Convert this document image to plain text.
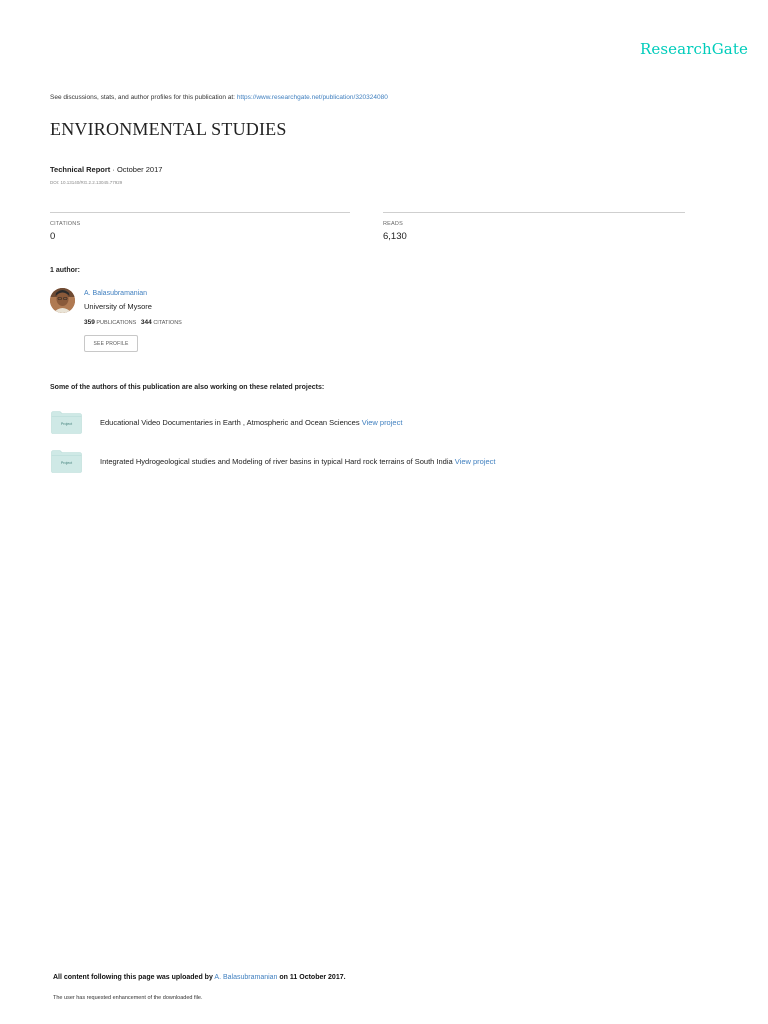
ResearchGate
See discussions, stats, and author profiles for this publication at: https://www.researchgate.net/publication/320324080
ENVIRONMENTAL STUDIES
Technical Report · October 2017
DOI: 10.13140/RG.2.2.13045.77929
CITATIONS
0
READS
6,130
1 author:
A. Balasubramanian
University of Mysore
359 PUBLICATIONS 344 CITATIONS
SEE PROFILE
Some of the authors of this publication are also working on these related projects:
Project	Educational Video Documentaries in Earth , Atmospheric and Ocean Sciences View project
Project	Integrated Hydrogeological studies and Modeling of river basins in typical Hard rock terrains of South India View project
All content following this page was uploaded by A. Balasubramanian on 11 October 2017.
The user has requested enhancement of the downloaded file.
